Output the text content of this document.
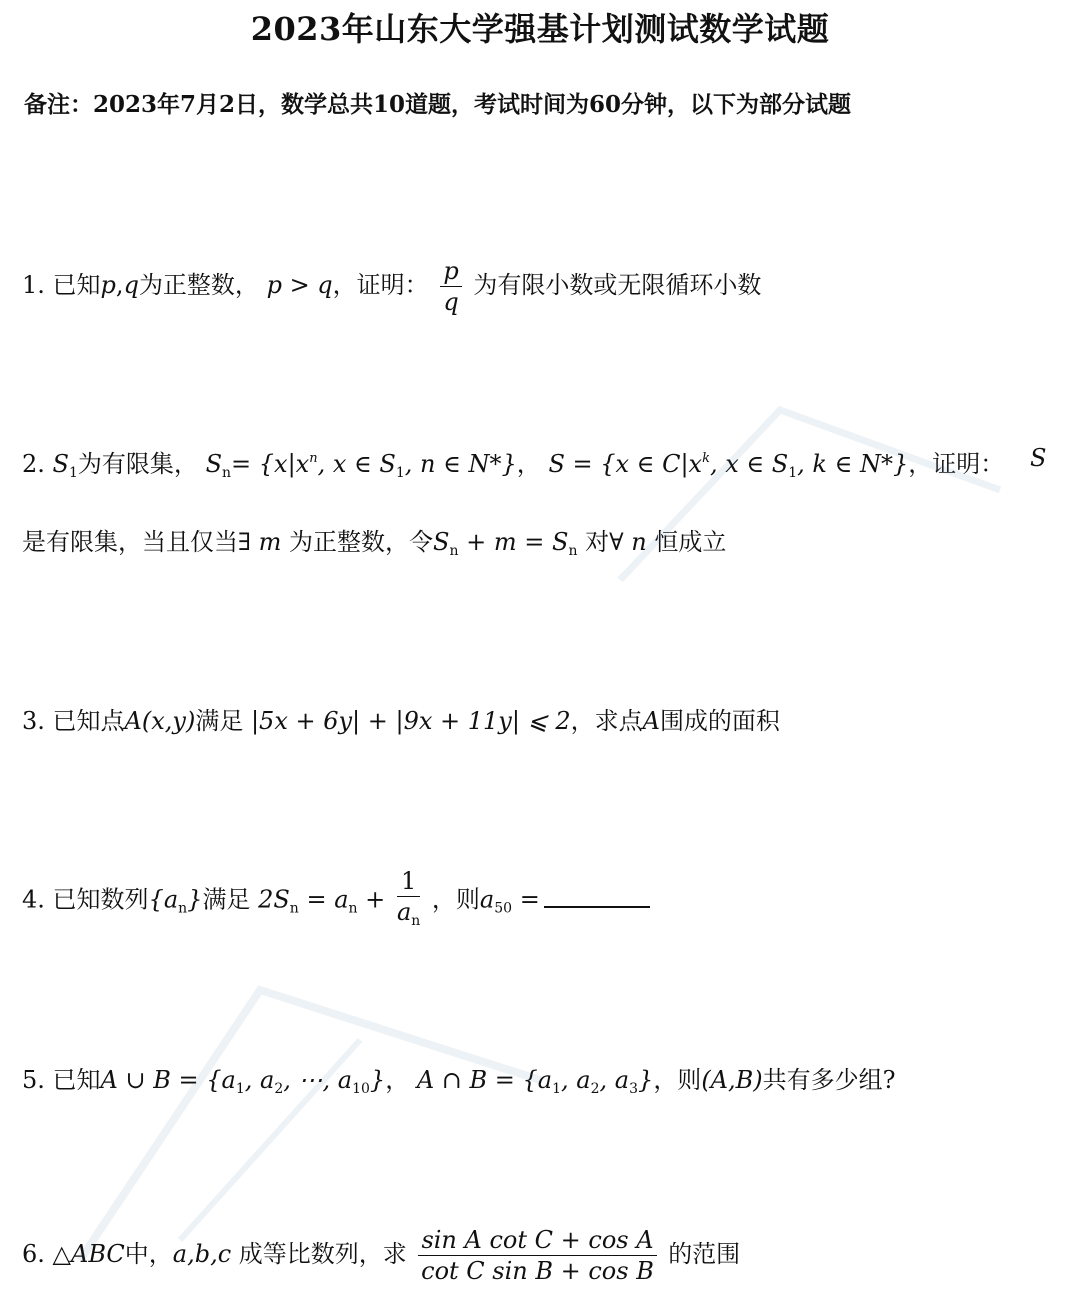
2023年山东大学强基计划测试数学试题
备注：2023年7月2日，数学总共10道题，考试时间为60分钟，以下为部分试题
1. 已知p,q为正整数， p > q，证明： $\frac{p}{q}$ 为有限小数或无限循环小数
2. $S_1$为有限集， $S_n= \{x|x^n$, x ∈ $S_1$, n ∈ N*}， S = {x ∈ $C|x^k$, x ∈ $S_1$, k ∈ N*}，证明： S
是有限集，当且仅当∃ m 为正整数，令$S_n + m = S_n$ 对∀ n 恒成立
3. 已知点A(x,y)满足 |5x + 6y| + |9x + 11y| ⩽ 2，求点A围成的面积
4. 已知数列$\{a_n\}$满足 $2S_n = a_n + \frac{1}{a_n}$ ，则$a_{50}$ =
5. 已知A ∪ $B = \{a_1$, $a_2$, ⋯, $a_{10}$}， A ∩ $B = \{a_1$, $a_2$, $a_3$}，则(A,B)共有多少组?
6. △ABC中，a,b,c 成等比数列，求 $\frac{\text{sin A cot C + cos A}}{\text{cot C sin B + cos B}}$ 的范围
